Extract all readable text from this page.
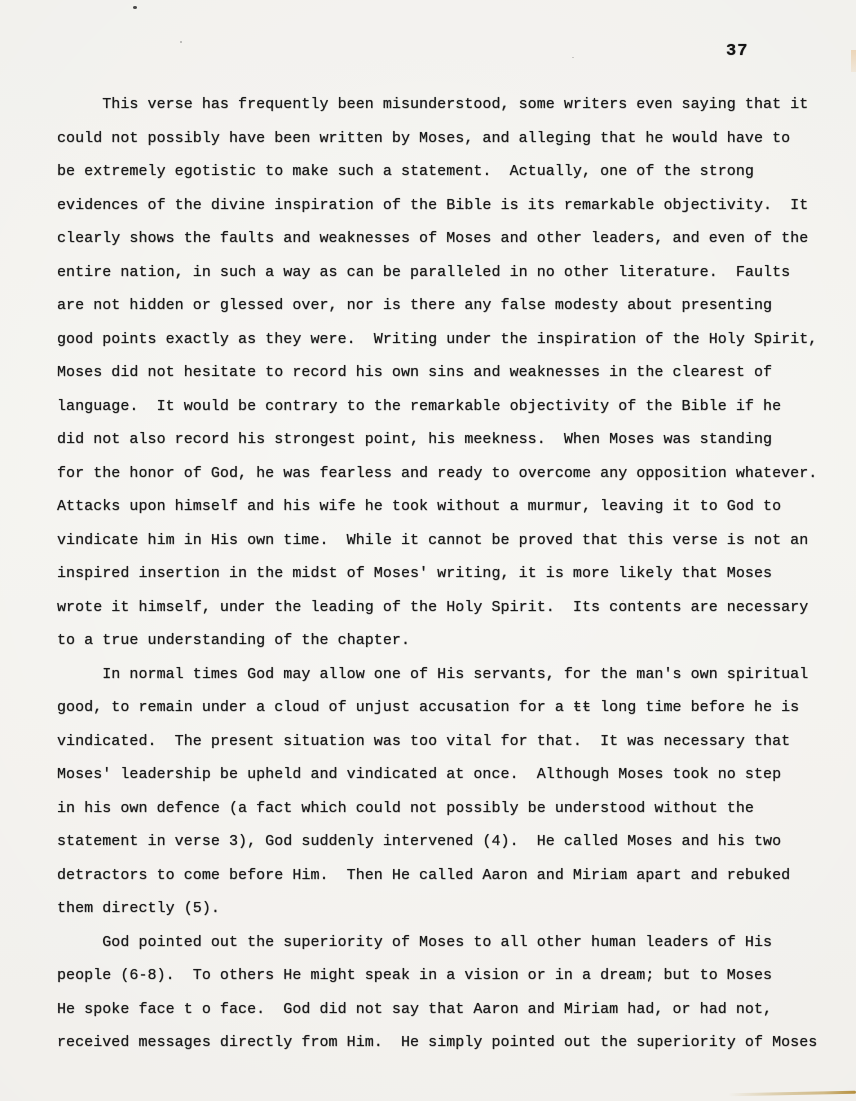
37
This verse has frequently been misunderstood, some writers even saying that it
could not possibly have been written by Moses, and alleging that he would have to
be extremely egotistic to make such a statement.  Actually, one of the strong
evidences of the divine inspiration of the Bible is its remarkable objectivity.  It
clearly shows the faults and weaknesses of Moses and other leaders, and even of the
entire nation, in such a way as can be paralleled in no other literature.  Faults
are not hidden or glessed over, nor is there any false modesty about presenting
good points exactly as they were.  Writing under the inspiration of the Holy Spirit,
Moses did not hesitate to record his own sins and weaknesses in the clearest of
language.  It would be contrary to the remarkable objectivity of the Bible if he
did not also record his strongest point, his meekness.  When Moses was standing
for the honor of God, he was fearless and ready to overcome any opposition whatever.
Attacks upon himself and his wife he took without a murmur, leaving it to God to
vindicate him in His own time.  While it cannot be proved that this verse is not an
inspired insertion in the midst of Moses' writing, it is more likely that Moses
wrote it himself, under the leading of the Holy Spirit.  Its contents are necessary
to a true understanding of the chapter.
In normal times God may allow one of His servants, for the man's own spiritual
good, to remain under a cloud of unjust accusation for a ŧŧ long time before he is
vindicated.  The present situation was too vital for that.  It was necessary that
Moses' leadership be upheld and vindicated at once.  Although Moses took no step
in his own defence (a fact which could not possibly be understood without the
statement in verse 3), God suddenly intervened (4).  He called Moses and his two
detractors to come before Him.  Then He called Aaron and Miriam apart and rebuked
them directly (5).
God pointed out the superiority of Moses to all other human leaders of His
people (6-8).  To others He might speak in a vision or in a dream; but to Moses
He spoke face t o face.  God did not say that Aaron and Miriam had, or had not,
received messages directly from Him.  He simply pointed out the superiority of Moses
